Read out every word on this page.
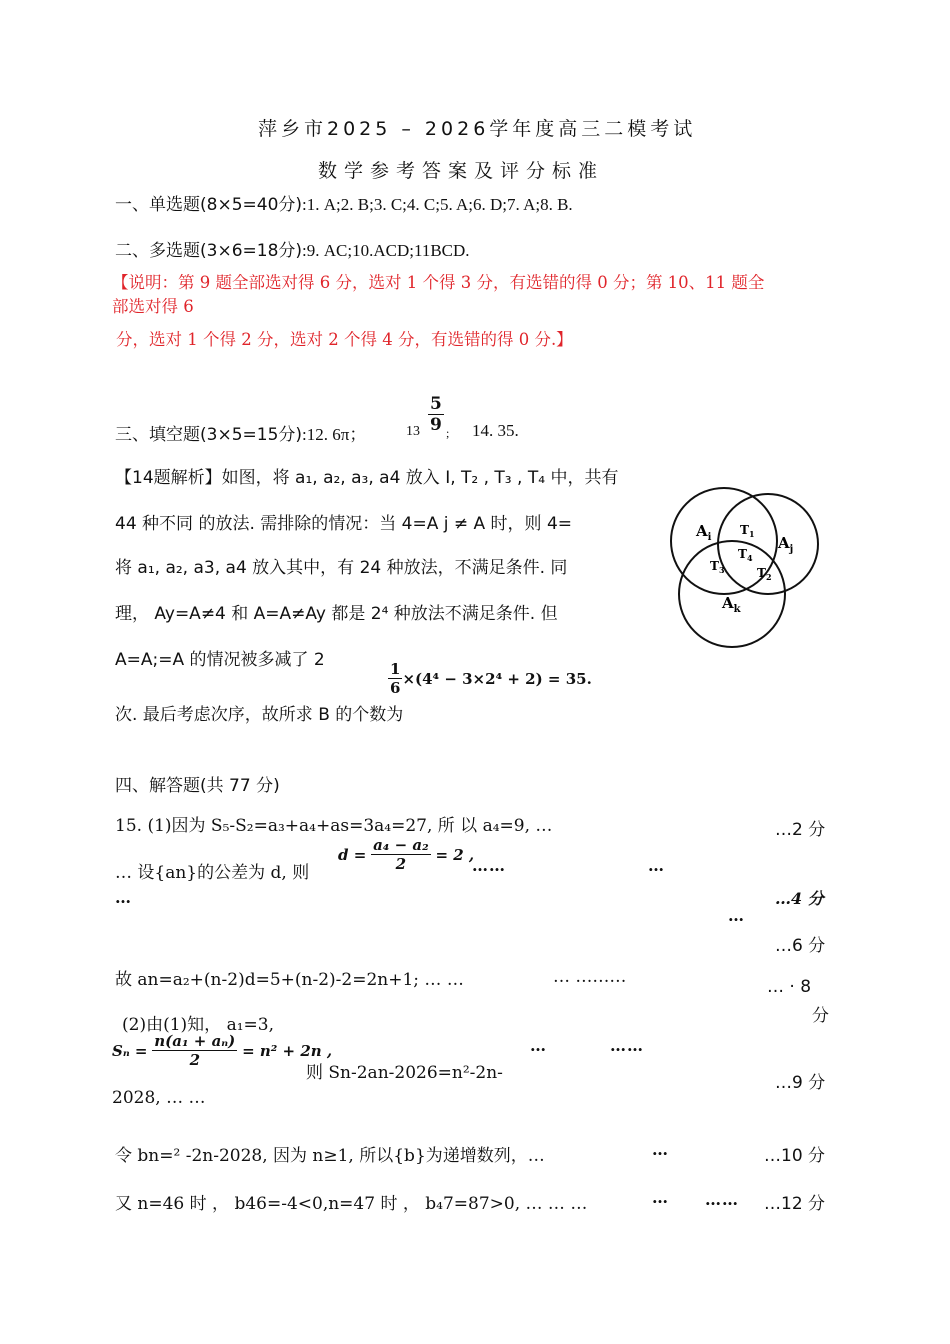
萍乡市2025 – 2026学年度高三二模考试
数学参考答案及评分标准
一、单选题(8×5=40分):1. A;2. B;3. C;4. C;5. A;6. D;7. A;8. B.
二、多选题(3×6=18分):9. AC;10.ACD;11BCD.
【说明：第 9 题全部选对得 6 分，选对 1 个得 3 分，有选错的得 0 分；第 10、11 题全
部选对得 6
分，选对 1 个得 2 分，选对 2 个得 4 分，有选错的得 0 分.】
三、填空题(3×5=15分):12. 6π；	$13 \frac{5}{9}$ ; 14. 35.
【14题解析】如图，将 a₁, a₂, a₃, a4 放入 I, T₂ , T₃ , T₄ 中，共有
44 种不同 的放法. 需排除的情况：当 4=A j ≠ A 时，则 4=
将 a₁, a₂, a3, a4 放入其中，有 24 种放法，不满足条件. 同
理， Ay=A≠4 和 A=A≠Ay 都是 2⁴ 种放法不满足条件. 但
A=A;=A 的情况被多减了 2
$\frac{1}{6} \times(4^4 - 3\times 2^4 + 2) = 35$.
次. 最后考虑次序，故所求 B 的个数为
$A_i$	$A_j$
$A_k$
$T_1$
$T_2$
$T_3$
$T_4$
四、解答题(共 77 分)
15. (1)因为 S₅-S₂=a₃+a₄+as=3a₄=27, 所 以 a₄=9, …	…2 分
… 设{an}的公差为 d, 则
$d = \frac{\text{a₄ − a₂}}{2} = 2$ ,
……	…
…	…4 分
…
…6 分
故 an=a₂+(n-2)d=5+(n-2)-2=2n+1; … …	… ………	… · 8
分
(2)由(1)知， a₁=3,
$S_n = \frac{\text{n(a₁ + aₙ)}}{2} = n^2 + 2n$ ,
则 Sn-2an-2026=n²-2n-
…	……
…9 分
2028, … …
令 bn=² -2n-2028, 因为 n≥1, 所以{b}为递增数列，…	…	…10 分
又 n=46 时 ， b46=-4<0,n=47 时 ， b₄7=87>0, … … …	… …… …12 分
